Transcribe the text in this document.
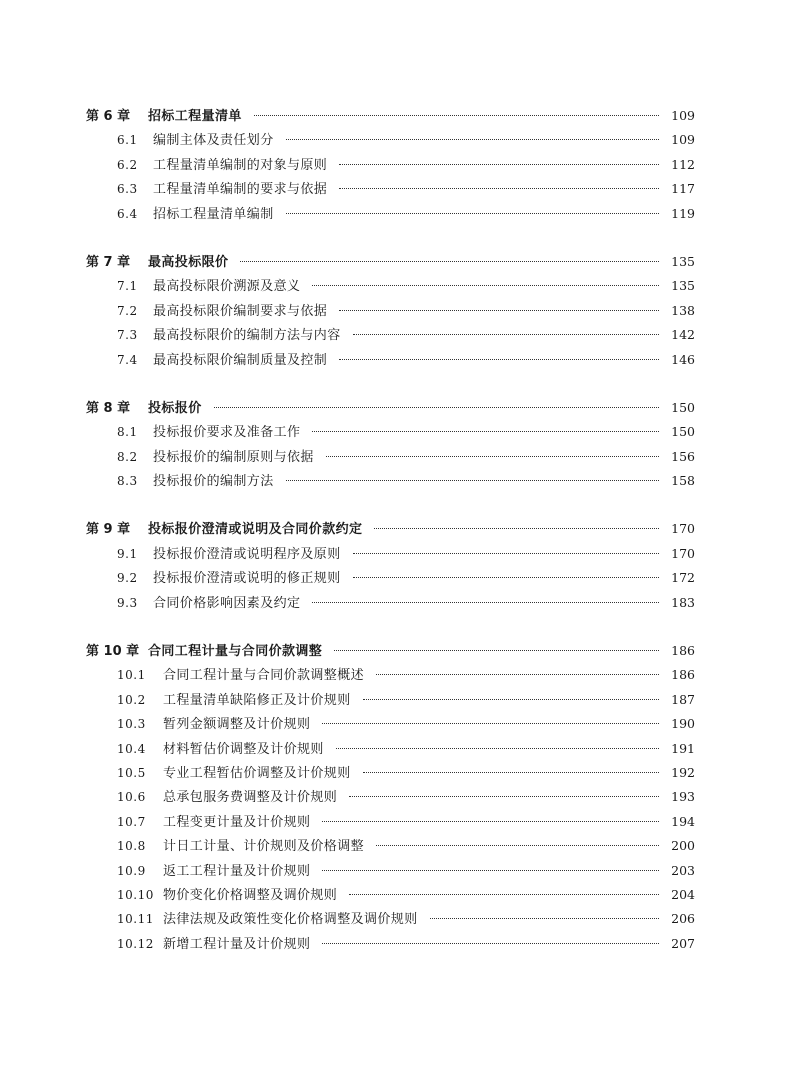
第 6 章	招标工程量清单	109
6.1	编制主体及责任划分	109
6.2	工程量清单编制的对象与原则	112
6.3	工程量清单编制的要求与依据	117
6.4	招标工程量清单编制	119
第 7 章	最高投标限价	135
7.1	最高投标限价溯源及意义	135
7.2	最高投标限价编制要求与依据	138
7.3	最高投标限价的编制方法与内容	142
7.4	最高投标限价编制质量及控制	146
第 8 章	投标报价	150
8.1	投标报价要求及准备工作	150
8.2	投标报价的编制原则与依据	156
8.3	投标报价的编制方法	158
第 9 章	投标报价澄清或说明及合同价款约定	170
9.1	投标报价澄清或说明程序及原则	170
9.2	投标报价澄清或说明的修正规则	172
9.3	合同价格影响因素及约定	183
第 10 章 合同工程计量与合同价款调整	186
10.1	合同工程计量与合同价款调整概述	186
10.2	工程量清单缺陷修正及计价规则	187
10.3	暂列金额调整及计价规则	190
10.4	材料暂估价调整及计价规则	191
10.5	专业工程暂估价调整及计价规则	192
10.6	总承包服务费调整及计价规则	193
10.7	工程变更计量及计价规则	194
10.8	计日工计量、计价规则及价格调整	200
10.9	返工工程计量及计价规则	203
10.10 物价变化价格调整及调价规则	204
10.11 法律法规及政策性变化价格调整及调价规则	206
10.12 新增工程计量及计价规则	207
